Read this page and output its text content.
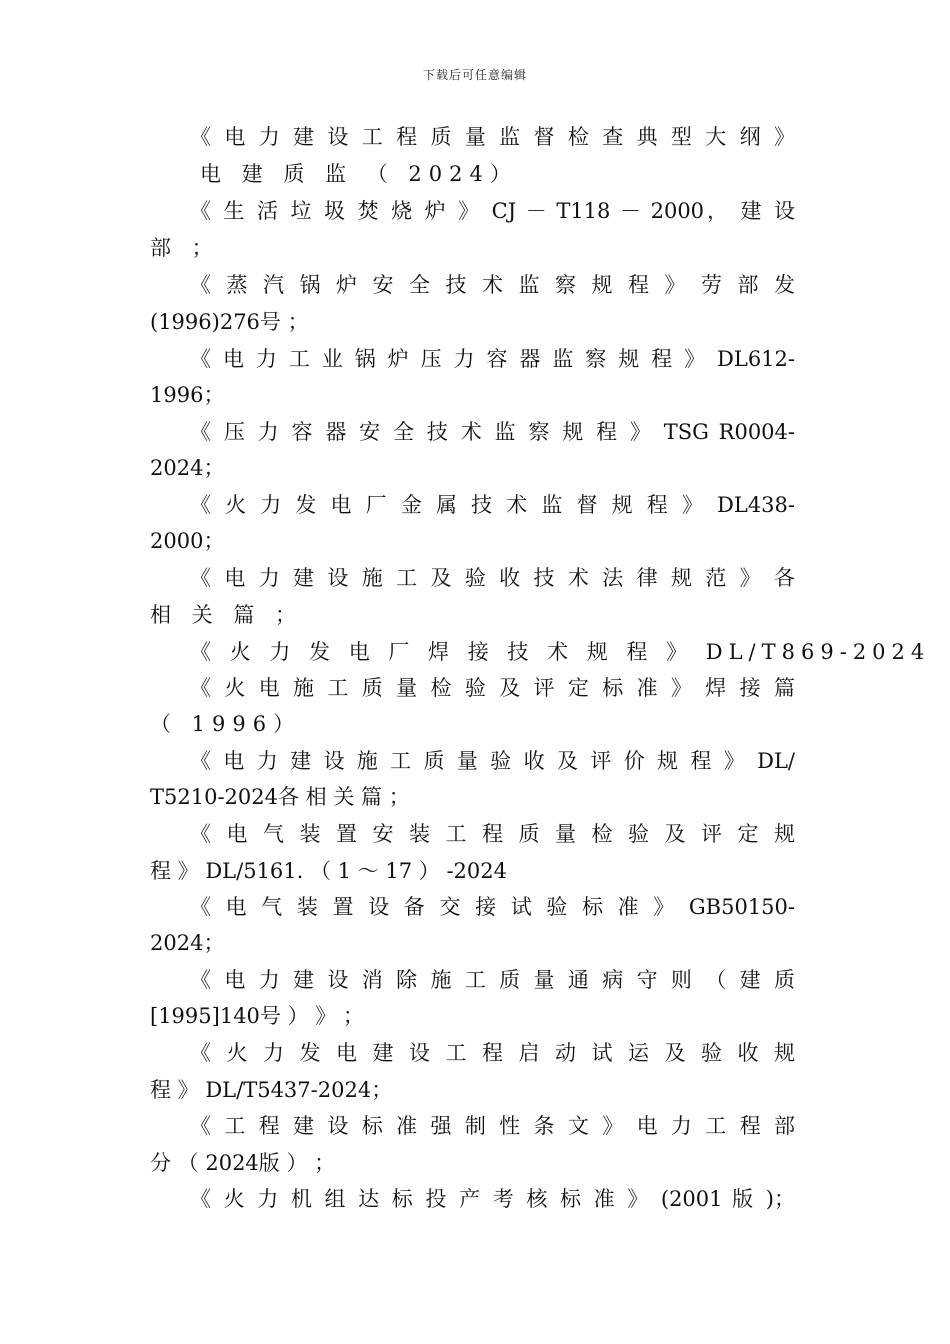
下载后可任意编辑
《 电 力 建 设 工 程 质 量 监 督 检 查 典 型 大 纲 》
电 建 质 监 （ 2024）
《 生 活 垃 圾 焚 烧 炉 》 CJ － T118 － 2000， 建 设
部 ；
《 蒸 汽 锅 炉 安 全 技 术 监 察 规 程 》 劳 部 发
(1996)276号 ；
《 电 力 工 业 锅 炉 压 力 容 器 监 察 规 程 》 DL612-
1996；
《 压 力 容 器 安 全 技 术 监 察 规 程 》 TSG R0004-
2024；
《 火 力 发 电 厂 金 属 技 术 监 督 规 程 》 DL438-
2000；
《 电 力 建 设 施 工 及 验 收 技 术 法 律 规 范 》 各
相 关 篇 ；
《 火 力 发 电 厂 焊 接 技 术 规 程 》 DL/T869-2024
《 火 电 施 工 质 量 检 验 及 评 定 标 准 》 焊 接 篇
（ 1996）
《 电 力 建 设 施 工 质 量 验 收 及 评 价 规 程 》 DL/
T5210-2024各 相 关 篇 ；
《 电 气 装 置 安 装 工 程 质 量 检 验 及 评 定 规
程 》 DL/5161. （ 1 ～ 17 ） -2024
《 电 气 装 置 设 备 交 接 试 验 标 准 》 GB50150-
2024；
《 电 力 建 设 消 除 施 工 质 量 通 病 守 则 （ 建 质
[1995]140号 ） 》 ；
《 火 力 发 电 建 设 工 程 启 动 试 运 及 验 收 规
程 》 DL/T5437-2024；
《 工 程 建 设 标 准 强 制 性 条 文 》 电 力 工 程 部
分 （ 2024版 ） ；
《 火 力 机 组 达 标 投 产 考 核 标 准 》 (2001 版 )；
